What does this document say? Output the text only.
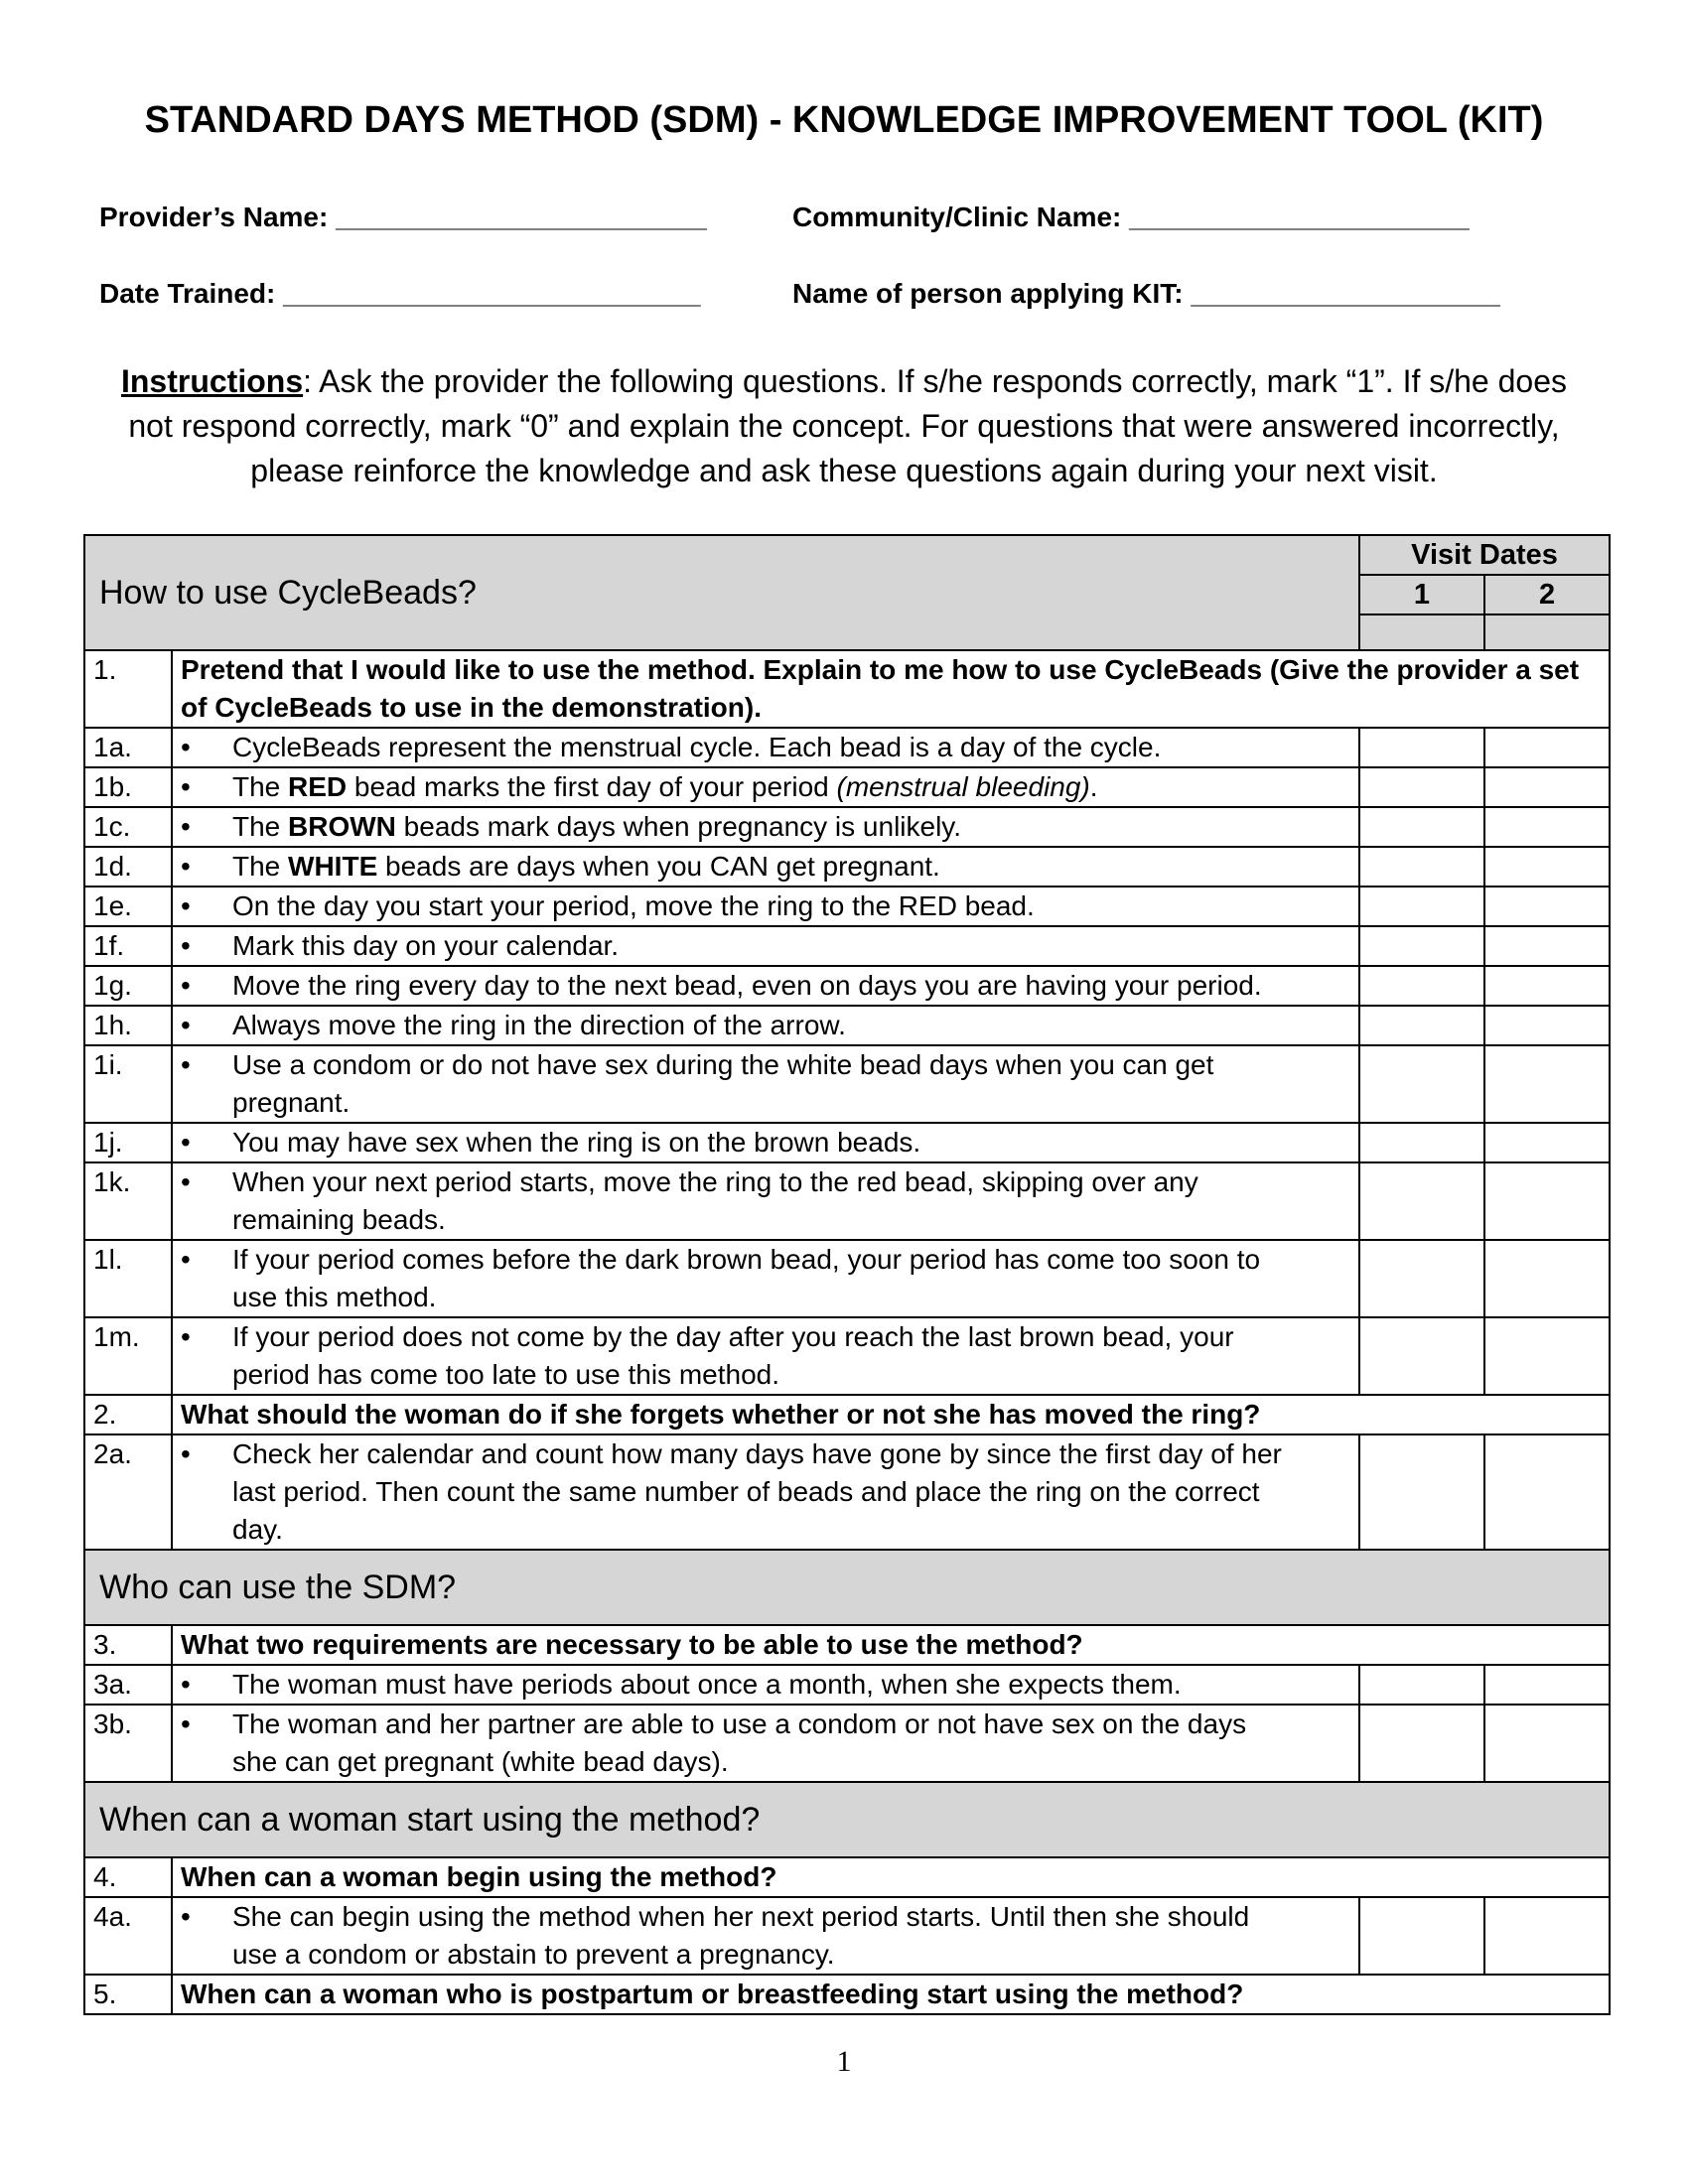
STANDARD DAYS METHOD (SDM) - KNOWLEDGE IMPROVEMENT TOOL (KIT)
Provider’s Name: ________________________	Community/Clinic Name: ______________________
Date Trained: ___________________________	Name of person applying KIT: ____________________
Instructions: Ask the provider the following questions. If s/he responds correctly, mark “1”. If s/he does not respond correctly, mark “0” and explain the concept. For questions that were answered incorrectly, please reinforce the knowledge and ask these questions again during your next visit.
How to use CycleBeads?		Visit Dates	
		1	2

1.	Pretend that I would like to use the method. Explain to me how to use CycleBeads (Give the provider a set of CycleBeads to use in the demonstration).		
1a.	• CycleBeads represent the menstrual cycle. Each bead is a day of the cycle.		
1b.	• The RED bead marks the first day of your period (menstrual bleeding).		
1c.	• The BROWN beads mark days when pregnancy is unlikely.		
1d.	• The WHITE beads are days when you CAN get pregnant.		
1e.	• On the day you start your period, move the ring to the RED bead.		
1f.	• Mark this day on your calendar.		
1g.	• Move the ring every day to the next bead, even on days you are having your period.		
1h.	• Always move the ring in the direction of the arrow.		
1i.	• Use a condom or do not have sex during the white bead days when you can get pregnant.		
1j.	• You may have sex when the ring is on the brown beads.		
1k.	• When your next period starts, move the ring to the red bead, skipping over any remaining beads.		
1l.	• If your period comes before the dark brown bead, your period has come too soon to use this method.		
1m.	• If your period does not come by the day after you reach the last brown bead, your period has come too late to use this method.		
2.	What should the woman do if she forgets whether or not she has moved the ring?		
2a.	• Check her calendar and count how many days have gone by since the first day of her last period. Then count the same number of beads and place the ring on the correct day.		
Who can use the SDM?			
3.	What two requirements are necessary to be able to use the method?		
3a.	• The woman must have periods about once a month, when she expects them.		
3b.	• The woman and her partner are able to use a condom or not have sex on the days she can get pregnant (white bead days).		
When can a woman start using the method?			
4.	When can a woman begin using the method?		
4a.	• She can begin using the method when her next period starts. Until then she should use a condom or abstain to prevent a pregnancy.		
5.	When can a woman who is postpartum or breastfeeding start using the method?		
1
